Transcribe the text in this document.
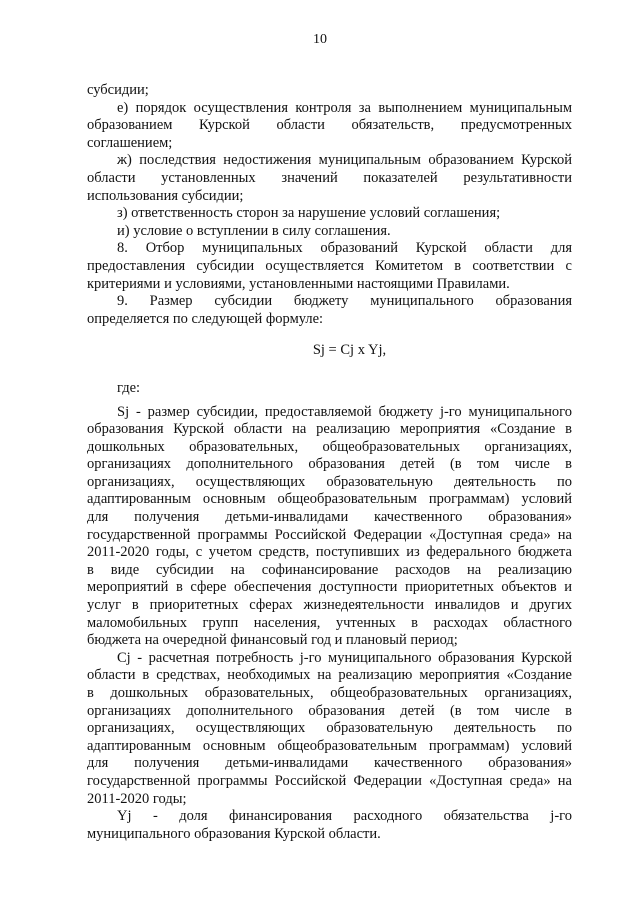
10
субсидии;
е) порядок осуществления контроля за выполнением муниципальным
образованием Курской области обязательств, предусмотренных
соглашением;
ж) последствия недостижения муниципальным образованием Курской
области установленных значений показателей результативности
использования субсидии;
з) ответственность сторон за нарушение условий соглашения;
и) условие о вступлении в силу соглашения.
8. Отбор муниципальных образований Курской области для
предоставления субсидии осуществляется Комитетом в соответствии с
критериями и условиями, установленными настоящими Правилами.
9. Размер субсидии бюджету муниципального образования
определяется по следующей формуле:
Sj = Cj x Yj,
где:
Sj - размер субсидии, предоставляемой бюджету j-го муниципального
образования Курской области на реализацию мероприятия «Создание в
дошкольных образовательных, общеобразовательных организациях,
организациях дополнительного образования детей (в том числе в
организациях, осуществляющих образовательную деятельность по
адаптированным основным общеобразовательным программам) условий
для получения детьми-инвалидами качественного образования»
государственной программы Российской Федерации «Доступная среда» на
2011-2020 годы, с учетом средств, поступивших из федерального бюджета
в виде субсидии на софинансирование расходов на реализацию
мероприятий в сфере обеспечения доступности приоритетных объектов и
услуг в приоритетных сферах жизнедеятельности инвалидов и других
маломобильных групп населения, учтенных в расходах областного
бюджета на очередной финансовый год и плановый период;
Cj - расчетная потребность j-го муниципального образования Курской
области в средствах, необходимых на реализацию мероприятия «Создание
в дошкольных образовательных, общеобразовательных организациях,
организациях дополнительного образования детей (в том числе в
организациях, осуществляющих образовательную деятельность по
адаптированным основным общеобразовательным программам) условий
для получения детьми-инвалидами качественного образования»
государственной программы Российской Федерации «Доступная среда» на
2011-2020 годы;
Yj - доля финансирования расходного обязательства j-го
муниципального образования Курской области.
